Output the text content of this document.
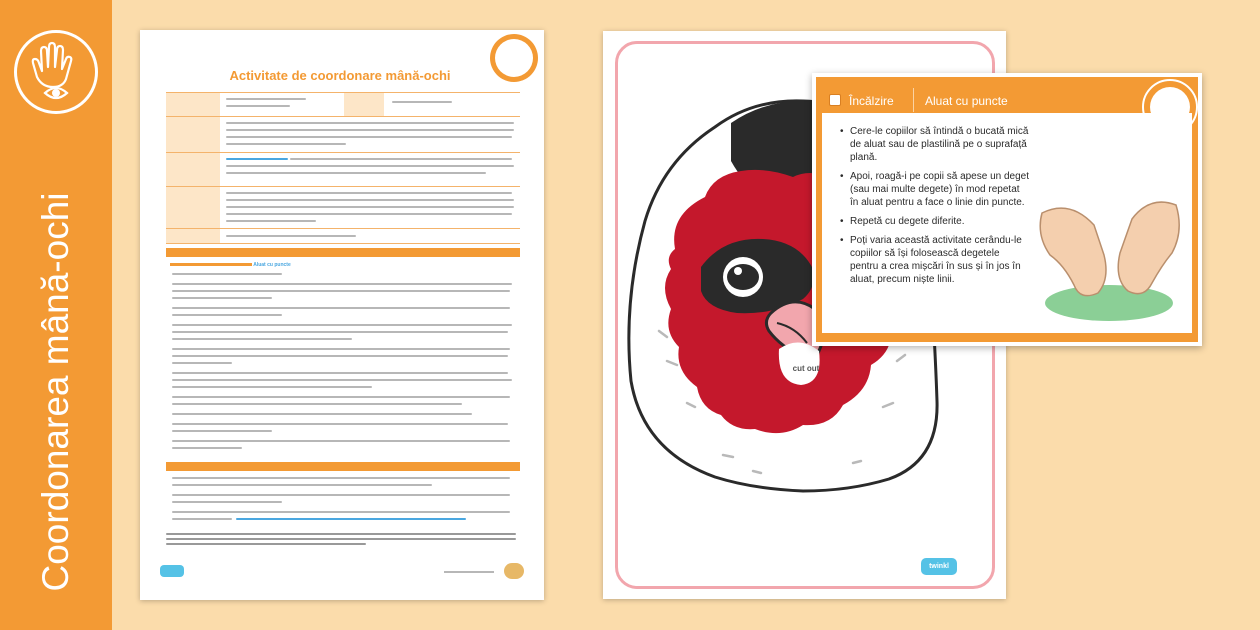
Coordonarea mână-ochi
Activitate de coordonare mână-ochi
Aluat cu puncte
cut out
twinkl
Încălzire	Aluat cu puncte
• Cere-le copiilor să întindă o bucată mică de aluat sau de plastilină pe o suprafață plană.
• Apoi, roagă-i pe copii să apese un deget (sau mai multe degete) în mod repetat în aluat pentru a face o linie din puncte.
• Repetă cu degete diferite.
• Poți varia această activitate cerându-le copiilor să își folosească degetele pentru a crea mișcări în sus și în jos în aluat, precum niște linii.
